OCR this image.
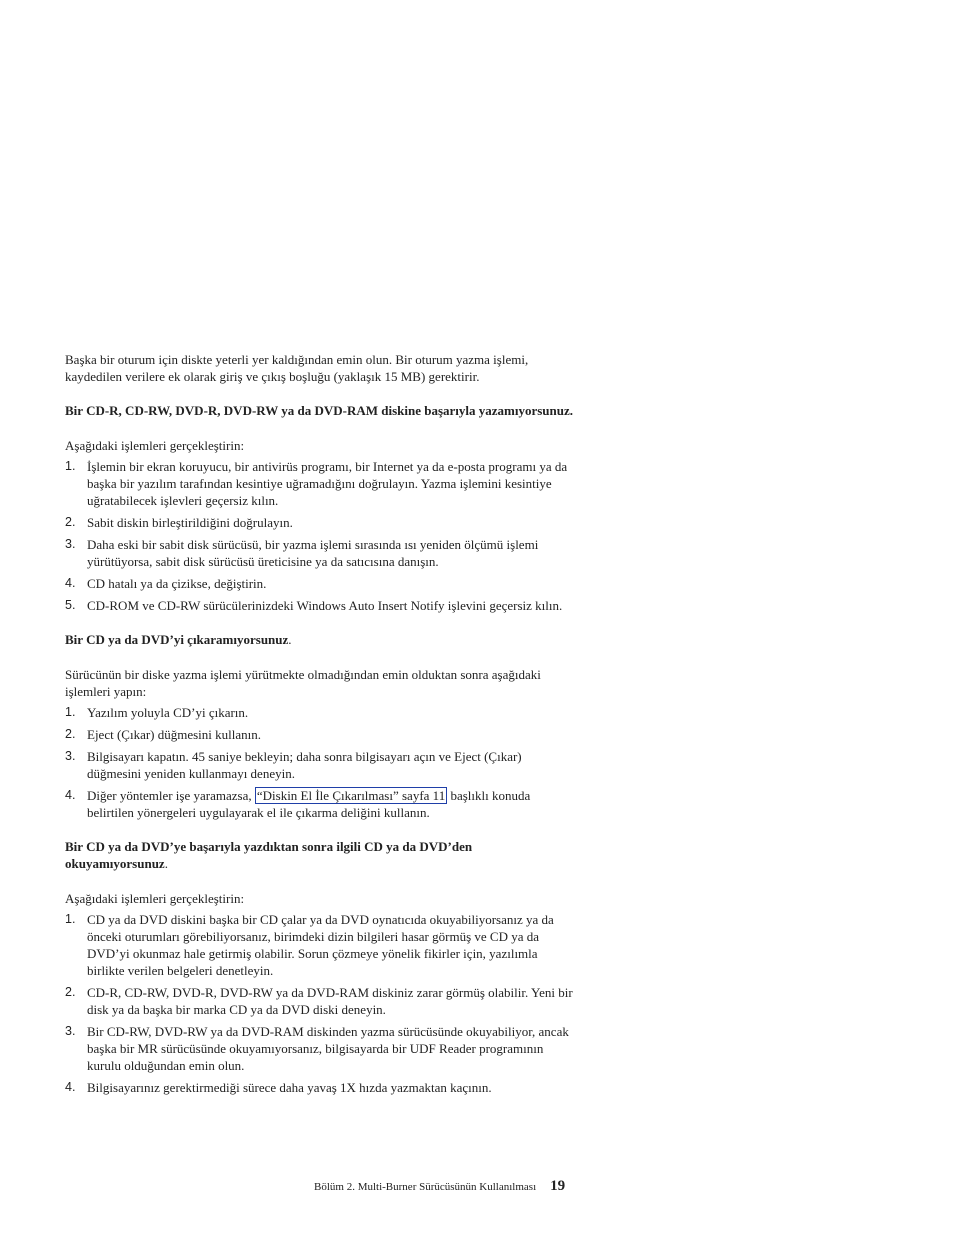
Başka bir oturum için diskte yeterli yer kaldığından emin olun. Bir oturum yazma işlemi, kaydedilen verilere ek olarak giriş ve çıkış boşluğu (yaklaşık 15 MB) gerektirir.

Bir CD-R, CD-RW, DVD-R, DVD-RW ya da DVD-RAM diskine başarıyla yazamıyorsunuz.

Aşağıdaki işlemleri gerçekleştirin:

1. İşlemin bir ekran koruyucu, bir antivirüs programı, bir Internet ya da e-posta programı ya da başka bir yazılım tarafından kesintiye uğramadığını doğrulayın. Yazma işlemini kesintiye uğratabilecek işlevleri geçersiz kılın.
2. Sabit diskin birleştirildiğini doğrulayın.
3. Daha eski bir sabit disk sürücüsü, bir yazma işlemi sırasında ısı yeniden ölçümü işlemi yürütüyorsa, sabit disk sürücüsü üreticisine ya da satıcısına danışın.
4. CD hatalı ya da çizikse, değiştirin.
5. CD-ROM ve CD-RW sürücülerinizdeki Windows Auto Insert Notify işlevini geçersiz kılın.

Bir CD ya da DVD’yi çıkaramıyorsunuz.

Sürücünün bir diske yazma işlemi yürütmekte olmadığından emin olduktan sonra aşağıdaki işlemleri yapın:

1. Yazılım yoluyla CD’yi çıkarın.
2. Eject (Çıkar) düğmesini kullanın.
3. Bilgisayarı kapatın. 45 saniye bekleyin; daha sonra bilgisayarı açın ve Eject (Çıkar) düğmesini yeniden kullanmayı deneyin.
4. Diğer yöntemler işe yaramazsa, “Diskin El İle Çıkarılması” sayfa 11 başlıklı konuda belirtilen yönergeleri uygulayarak el ile çıkarma deliğini kullanın.

Bir CD ya da DVD’ye başarıyla yazdıktan sonra ilgili CD ya da DVD’den okuyamıyorsunuz.

Aşağıdaki işlemleri gerçekleştirin:

1. CD ya da DVD diskini başka bir CD çalar ya da DVD oynatıcıda okuyabiliyorsanız ya da önceki oturumları görebiliyorsanız, birimdeki dizin bilgileri hasar görmüş ve CD ya da DVD’yi okunmaz hale getirmiş olabilir. Sorun çözmeye yönelik fikirler için, yazılımla birlikte verilen belgeleri denetleyin.
2. CD-R, CD-RW, DVD-R, DVD-RW ya da DVD-RAM diskiniz zarar görmüş olabilir. Yeni bir disk ya da başka bir marka CD ya da DVD diski deneyin.
3. Bir CD-RW, DVD-RW ya da DVD-RAM diskinden yazma sürücüsünde okuyabiliyor, ancak başka bir MR sürücüsünde okuyamıyorsanız, bilgisayarda bir UDF Reader programının kurulu olduğundan emin olun.
4. Bilgisayarınız gerektirmediği sürece daha yavaş 1X hızda yazmaktan kaçının.
Bölüm 2. Multi-Burner Sürücüsünün Kullanılması 19
